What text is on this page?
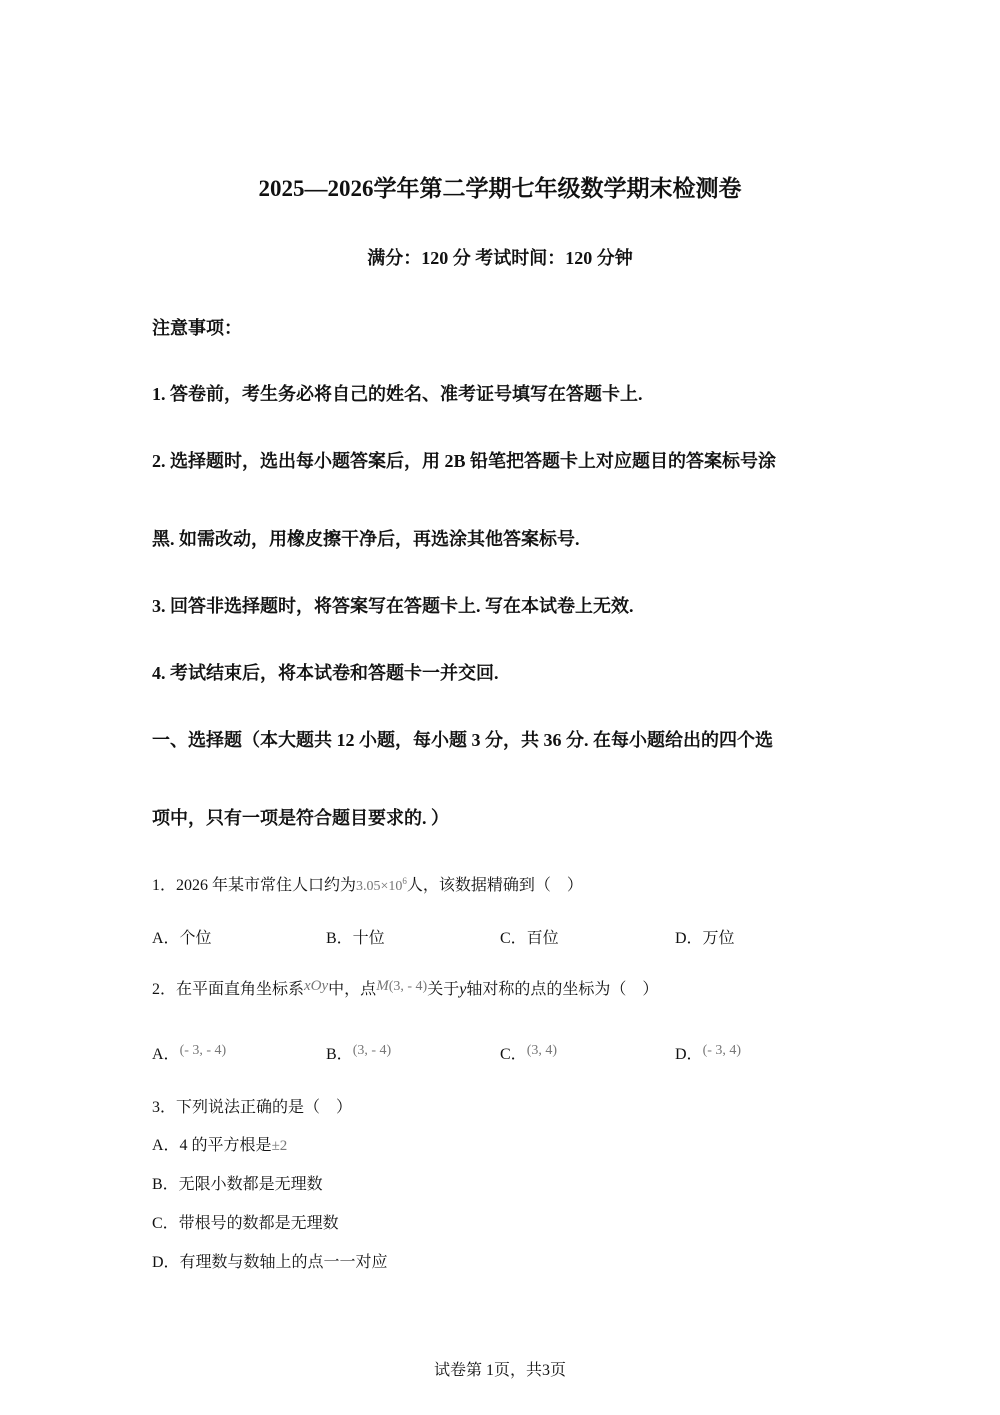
2025—2026学年第二学期七年级数学期末检测卷
满分：120 分 考试时间：120 分钟
注意事项：
1. 答卷前，考生务必将自己的姓名、准考证号填写在答题卡上.
2. 选择题时，选出每小题答案后，用 2B 铅笔把答题卡上对应题目的答案标号涂
黑. 如需改动，用橡皮擦干净后，再选涂其他答案标号.
3. 回答非选择题时，将答案写在答题卡上. 写在本试卷上无效.
4. 考试结束后，将本试卷和答题卡一并交回.
一、选择题（本大题共 12 小题，每小题 3 分，共 36 分. 在每小题给出的四个选
项中，只有一项是符合题目要求的. ）
1．2026 年某市常住人口约为$3.05\times 10^6$人，该数据精确到（　）
A．个位	B．十位	C．百位	D．万位
2．在平面直角坐标系xOy中，点M(3, - 4)关于y轴对称的点的坐标为（　）
A．(- 3, - 4)	B．(3, - 4)	C．(3, 4)	D．(- 3, 4)
3．下列说法正确的是（　）
A．4 的平方根是±2
B．无限小数都是无理数
C．带根号的数都是无理数
D．有理数与数轴上的点一一对应
试卷第 1页，共3页
